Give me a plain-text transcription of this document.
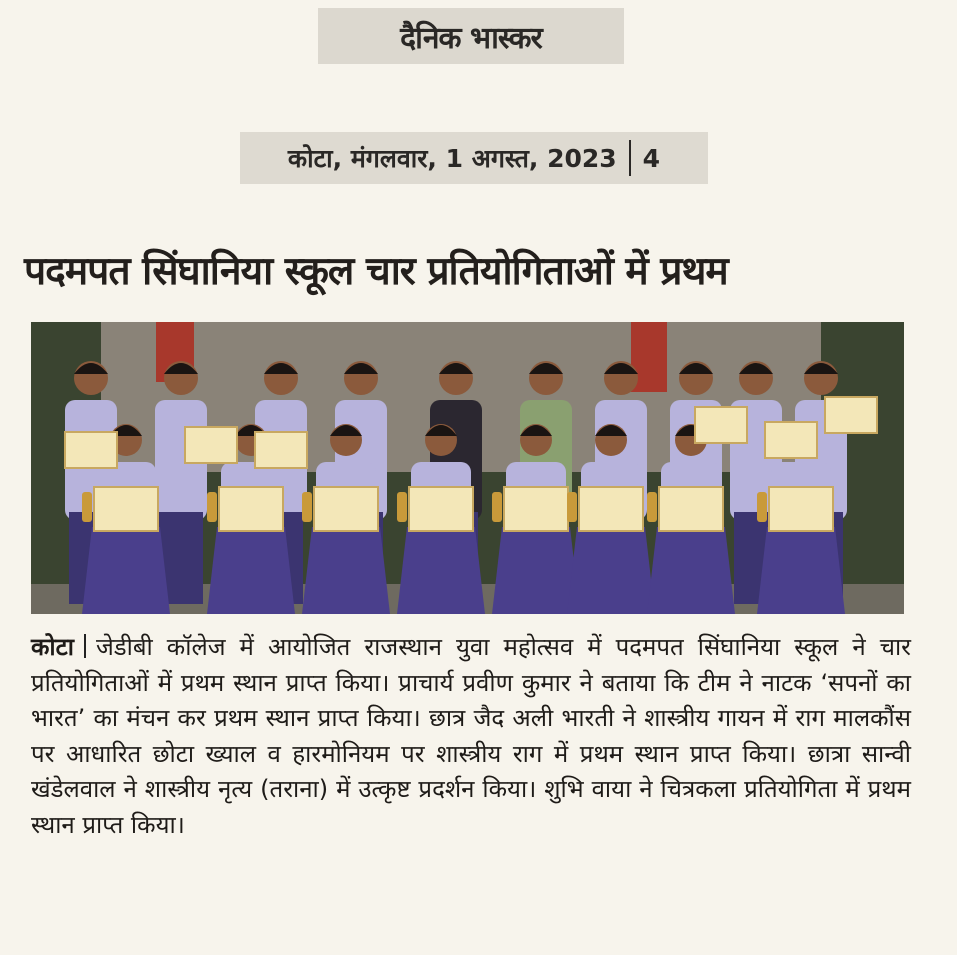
दैनिक भास्कर
कोटा, मंगलवार, 1 अगस्त, 2023 4
पदमपत सिंघानिया स्कूल चार प्रतियोगिताओं में प्रथम
कोटा जेडीबी कॉलेज में आयोजित राजस्थान युवा महोत्सव में पदमपत सिंघानिया स्कूल ने चार प्रतियोगिताओं में प्रथम स्थान प्राप्त किया। प्राचार्य प्रवीण कुमार ने बताया कि टीम ने नाटक ‘सपनों का भारत’ का मंचन कर प्रथम स्थान प्राप्त किया। छात्र जैद अली भारती ने शास्त्रीय गायन में राग मालकौंस पर आधारित छोटा ख्याल व हारमोनियम पर शास्त्रीय राग में प्रथम स्थान प्राप्त किया। छात्रा सान्वी खंडेलवाल ने शास्त्रीय नृत्य (तराना) में उत्कृष्ट प्रदर्शन किया। शुभि वाया ने चित्रकला प्रतियोगिता में प्रथम स्थान प्राप्त किया।
